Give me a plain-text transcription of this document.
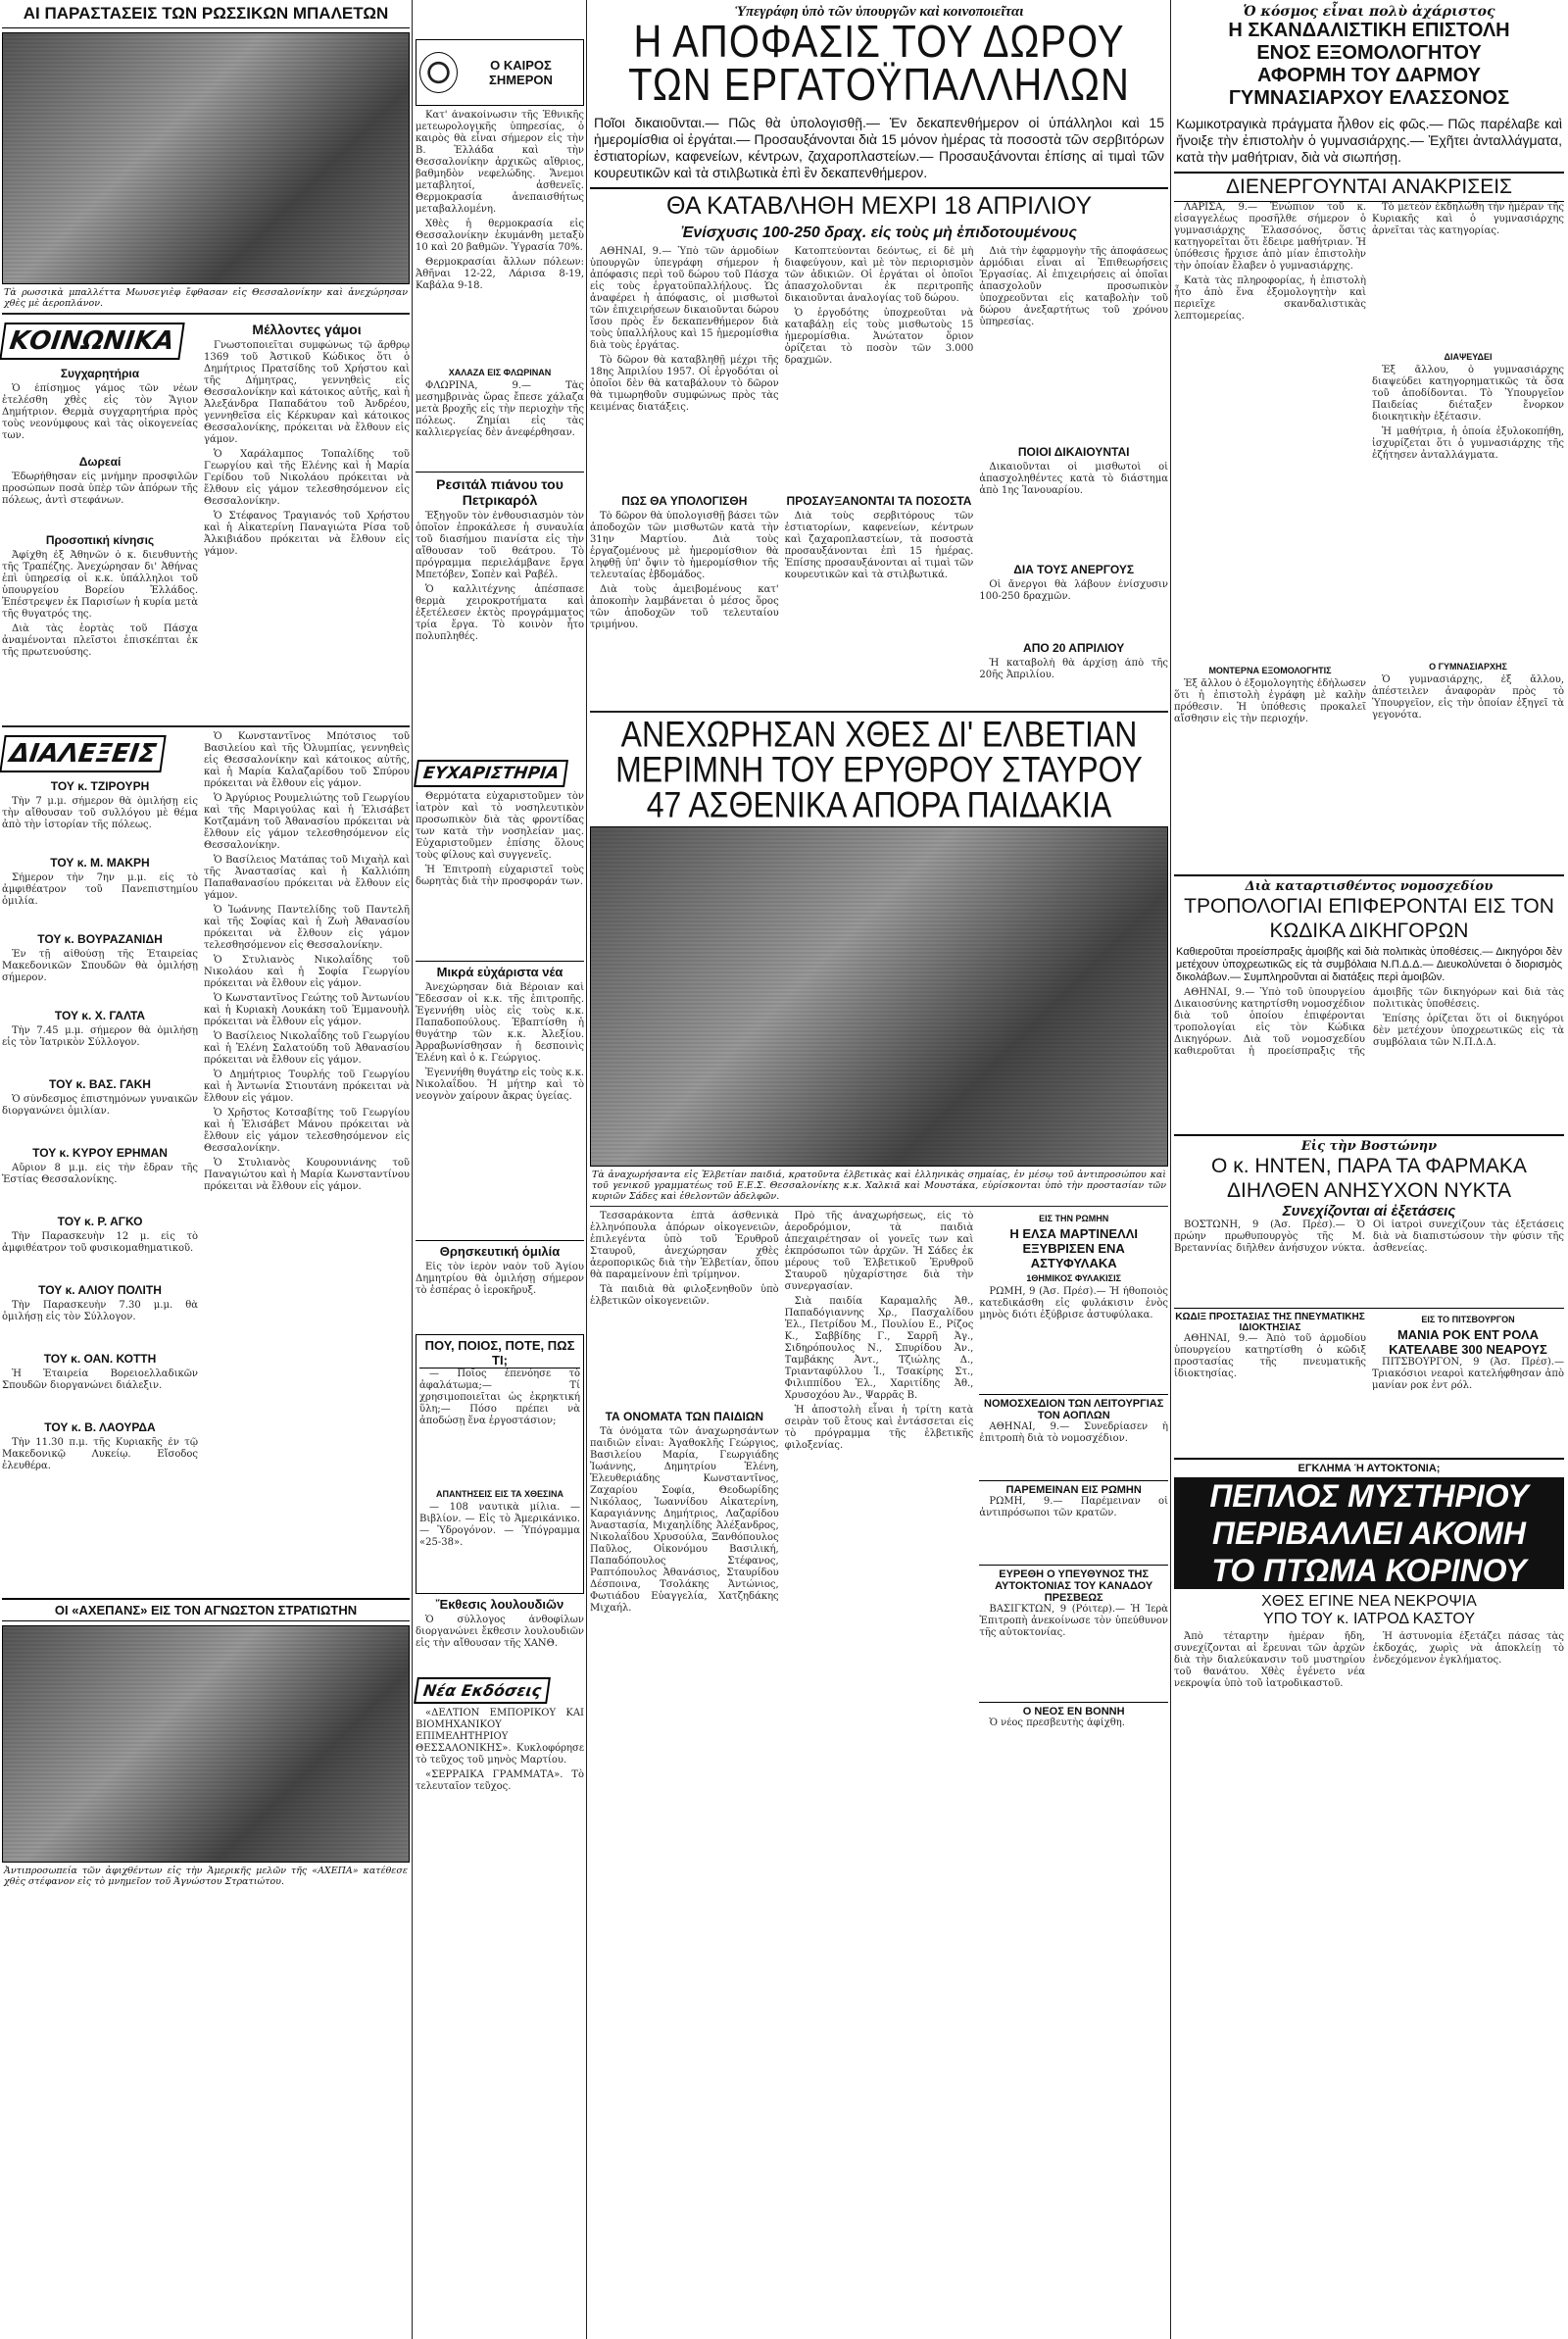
ΑΙ ΠΑΡΑΣΤΑΣΕΙΣ ΤΩΝ ΡΩΣΣΙΚΩΝ ΜΠΑΛΕΤΩΝ
Τὰ ρωσσικὰ μπαλλέττα Μωυσεγιὲφ ἔφθασαν εἰς Θεσσαλονίκην καὶ ἀνεχώρησαν χθὲς μὲ ἀεροπλάνον.
ΚΟΙΝΩΝΙΚΑ
Συγχαρητήρια

Ὁ ἐπίσημος γάμος τῶν νέων ἐτελέσθη χθὲς εἰς τὸν Ἅγιον Δημήτριον. Θερμὰ συγχαρητήρια πρὸς τοὺς νεονύμφους καὶ τὰς οἰκογενείας των.

Δωρεαί

Ἐδωρήθησαν εἰς μνήμην προσφιλῶν προσώπων ποσὰ ὑπὲρ τῶν ἀπόρων τῆς πόλεως, ἀντὶ στεφάνων.

Προσοπική κίνησις

Ἀφίχθη ἐξ Ἀθηνῶν ὁ κ. διευθυντὴς τῆς Τραπέζης. Ἀνεχώρησαν δι' Ἀθήνας ἐπὶ ὑπηρεσίᾳ οἱ κ.κ. ὑπάλληλοι τοῦ ὑπουργείου Βορείου Ἑλλάδος. Ἐπέστρεψεν ἐκ Παρισίων ἡ κυρία μετὰ τῆς θυγατρός της.

Διὰ τὰς ἑορτὰς τοῦ Πάσχα ἀναμένονται πλεῖστοι ἐπισκέπται ἐκ τῆς πρωτευούσης.

Μέλλοντες γάμοι

Γνωστοποιεῖται συμφώνως τῷ ἄρθρῳ 1369 τοῦ Ἀστικοῦ Κώδικος ὅτι ὁ Δημήτριος Πρατσίδης τοῦ Χρήστου καὶ τῆς Δήμητρας, γεννηθεὶς εἰς Θεσσαλονίκην καὶ κάτοικος αὐτῆς, καὶ ἡ Ἀλεξάνδρα Παπαδάτου τοῦ Ἀνδρέου, γεννηθεῖσα εἰς Κέρκυραν καὶ κάτοικος Θεσσαλονίκης, πρόκειται νὰ ἔλθουν εἰς γάμον.

Ὁ Χαράλαμπος Τοπαλίδης τοῦ Γεωργίου καὶ τῆς Ελένης καὶ ἡ Μαρία Γερίδου τοῦ Νικολάου πρόκειται νὰ ἔλθουν εἰς γάμον τελεσθησόμενον εἰς Θεσσαλονίκην.

Ὁ Στέφανος Τραγιανός τοῦ Χρήστου καὶ ἡ Αἰκατερίνη Παναγιώτα Ρίσα τοῦ Ἀλκιβιάδου πρόκειται νὰ ἔλθουν εἰς γάμον.

ΔΙΑΛΕΞΕΙΣ
ΤΟΥ κ. ΤΖΙΡΟΥΡΗ

Τὴν 7 μ.μ. σήμερον θὰ ὁμιλήσῃ εἰς τὴν αἴθουσαν τοῦ συλλόγου μὲ θέμα ἀπὸ τὴν ἱστορίαν τῆς πόλεως.

ΤΟΥ κ. Μ. ΜΑΚΡΗ

Σήμερον τὴν 7ην μ.μ. εἰς τὸ ἀμφιθέατρον τοῦ Πανεπιστημίου ὁμιλία.

ΤΟΥ κ. ΒΟΥΡΑΖΑΝΙΔΗ

Ἐν τῇ αἰθούσῃ τῆς Ἑταιρείας Μακεδονικῶν Σπουδῶν θὰ ὁμιλήσῃ σήμερον.

ΤΟΥ κ. Χ. ΓΑΛΤΑ

Τὴν 7.45 μ.μ. σήμερον θὰ ὁμιλήσῃ εἰς τὸν Ἰατρικὸν Σύλλογον.

ΤΟΥ κ. ΒΑΣ. ΓΑΚΗ

Ὁ σύνδεσμος ἐπιστημόνων γυναικῶν διοργανώνει ὁμιλίαν.

ΤΟΥ κ. ΚΥΡΟΥ ΕΡΗΜΑΝ

Αὔριον 8 μ.μ. εἰς τὴν ἔδραν τῆς Ἑστίας Θεσσαλονίκης.

ΤΟΥ κ. Ρ. ΑΓΚΟ

Τὴν Παρασκευὴν 12 μ. εἰς τὸ ἀμφιθέατρον τοῦ φυσικομαθηματικοῦ.

ΤΟΥ κ. ΑΛΙΟΥ ΠΟΛΙΤΗ

Τὴν Παρασκευὴν 7.30 μ.μ. θὰ ὁμιλήσῃ εἰς τὸν Σύλλογον.

ΤΟΥ κ. ΟΑΝ. ΚΟΤΤΗ

Ἡ Ἑταιρεία Βορειοελλαδικῶν Σπουδῶν διοργανώνει διάλεξιν.

ΤΟΥ κ. Β. ΛΑΟΥΡΔΑ

Τὴν 11.30 π.μ. τῆς Κυριακῆς ἐν τῷ Μακεδονικῷ Λυκείῳ. Εἴσοδος ἐλευθέρα.

Ὁ Κωνσταντῖνος Μπότσιος τοῦ Βασιλείου καὶ τῆς Ὀλυμπίας, γεννηθεὶς εἰς Θεσσαλονίκην καὶ κάτοικος αὐτῆς, καὶ ἡ Μαρία Καλαζαρίδου τοῦ Σπύρου πρόκειται νὰ ἔλθουν εἰς γάμον.

Ὁ Ἀργύριος Ρουμελιώτης τοῦ Γεωργίου καὶ τῆς Μαριγούλας καὶ ἡ Ἐλισάβετ Κοτζαμάνη τοῦ Ἀθανασίου πρόκειται νὰ ἔλθουν εἰς γάμον τελεσθησόμενον εἰς Θεσσαλονίκην.

Ὁ Βασίλειος Ματάπας τοῦ Μιχαὴλ καὶ τῆς Ἀναστασίας καὶ ἡ Καλλιόπη Παπαθανασίου πρόκειται νὰ ἔλθουν εἰς γάμον.

Ὁ Ἰωάννης Παντελίδης τοῦ Παντελῆ καὶ τῆς Σοφίας καὶ ἡ Ζωὴ Ἀθανασίου πρόκειται νὰ ἔλθουν εἰς γάμον τελεσθησόμενον εἰς Θεσσαλονίκην.

Ὁ Στυλιανὸς Νικολαΐδης τοῦ Νικολάου καὶ ἡ Σοφία Γεωργίου πρόκειται νὰ ἔλθουν εἰς γάμον.

Ὁ Κωνσταντῖνος Γεώτης τοῦ Ἀντωνίου καὶ ἡ Κυριακὴ Λουκάκη τοῦ Ἐμμανουὴλ πρόκειται νὰ ἔλθουν εἰς γάμον.

Ὁ Βασίλειος Νικολαΐδης τοῦ Γεωργίου καὶ ἡ Ἑλένη Σαλατούδη τοῦ Ἀθανασίου πρόκειται νὰ ἔλθουν εἰς γάμον.

Ὁ Δημήτριος Τουρλής τοῦ Γεωργίου καὶ ἡ Ἀντωνία Στιουτάνη πρόκειται νὰ ἔλθουν εἰς γάμον.

Ὁ Χρῆστος Κοτσαβίτης τοῦ Γεωργίου καὶ ἡ Ἐλισάβετ Μάνου πρόκειται νὰ ἔλθουν εἰς γάμον τελεσθησόμενον εἰς Θεσσαλονίκην.

Ὁ Στυλιανὸς Κουρουνιάνης τοῦ Παναγιώτου καὶ ἡ Μαρία Κωνσταντίνου πρόκειται νὰ ἔλθουν εἰς γάμον.

ΟΙ «ΑΧΕΠΑΝΣ» ΕΙΣ ΤΟΝ ΑΓΝΩΣΤΟΝ ΣΤΡΑΤΙΩΤΗΝ
Ἀντιπροσωπεία τῶν ἀφιχθέντων εἰς τὴν Ἀμερικῆς μελῶν τῆς «ΑΧΕΠΑ» κατέθεσε χθὲς στέφανον εἰς τὸ μνημεῖον τοῦ Ἀγνώστου Στρατιώτου.
Ο ΚΑΙΡΟΣ ΣΗΜΕΡΟΝ

Κατ' ἀνακοίνωσιν τῆς Ἐθνικῆς μετεωρολογικῆς ὑπηρεσίας, ὁ καιρὸς θὰ εἶναι σήμερον εἰς τὴν Β. Ἑλλάδα καὶ τὴν Θεσσαλονίκην ἀρχικῶς αἴθριος, βαθμηδὸν νεφελώδης. Ἄνεμοι μεταβλητοί, ἀσθενεῖς. Θερμοκρασία ἀνεπαισθήτως μεταβαλλομένη.

Χθὲς ἡ θερμοκρασία εἰς Θεσσαλονίκην ἐκυμάνθη μεταξὺ 10 καὶ 20 βαθμῶν. Ὑγρασία 70%.

Θερμοκρασίαι ἄλλων πόλεων: Ἀθῆναι 12-22, Λάρισα 8-19, Καβάλα 9-18.

ΧΑΛΑΖΑ ΕΙΣ ΦΛΩΡΙΝΑΝ

ΦΛΩΡΙΝΑ, 9.— Τὰς μεσημβρινὰς ὥρας ἔπεσε χάλαζα μετὰ βροχῆς εἰς τὴν περιοχὴν τῆς πόλεως. Ζημίαι εἰς τὰς καλλιεργείας δὲν ἀνεφέρθησαν.

Ρεσιτάλ πιάνου του Πετρικαρόλ

Ἐξηγοῦν τὸν ἐνθουσιασμὸν τὸν ὁποῖον ἐπροκάλεσε ἡ συναυλία τοῦ διασήμου πιανίστα εἰς τὴν αἴθουσαν τοῦ θεάτρου. Τὸ πρόγραμμα περιελάμβανε ἔργα Μπετόβεν, Σοπὲν καὶ Ραβέλ.

Ὁ καλλιτέχνης ἀπέσπασε θερμὰ χειροκροτήματα καὶ ἐξετέλεσεν ἐκτὸς προγράμματος τρία ἔργα. Τὸ κοινὸν ἦτο πολυπληθές.

ΕΥΧΑΡΙΣΤΗΡΙΑ

Θερμότατα εὐχαριστοῦμεν τὸν ἰατρὸν καὶ τὸ νοσηλευτικὸν προσωπικὸν διὰ τὰς φροντίδας των κατὰ τὴν νοσηλείαν μας. Εὐχαριστοῦμεν ἐπίσης ὅλους τοὺς φίλους καὶ συγγενεῖς.

Ἡ Ἐπιτροπὴ εὐχαριστεῖ τοὺς δωρητὰς διὰ τὴν προσφοράν των.

Μικρά εὐχάριστα νέα

Ἀνεχώρησαν διὰ Βέροιαν καὶ Ἔδεσσαν οἱ κ.κ. τῆς ἐπιτροπῆς. Ἐγεννήθη υἱὸς εἰς τοὺς κ.κ. Παπαδοπούλους. Ἐβαπτίσθη ἡ θυγάτηρ τῶν κ.κ. Ἀλεξίου. Ἀρραβωνίσθησαν ἡ δεσποινὶς Ἑλένη καὶ ὁ κ. Γεώργιος.

Ἐγεννήθη θυγάτηρ εἰς τοὺς κ.κ. Νικολαΐδου. Ἡ μήτηρ καὶ τὸ νεογνὸν χαίρουν ἄκρας ὑγείας.

Θρησκευτική ὁμιλία

Εἰς τὸν ἱερὸν ναὸν τοῦ Ἁγίου Δημητρίου θὰ ὁμιλήσῃ σήμερον τὸ ἑσπέρας ὁ ἱεροκῆρυξ.

ΠΟΥ, ΠΟΙΟΣ, ΠΟΤΕ, ΠΩΣ ΤΙ;

— Ποῖος ἐπενόησε τὸ ἀφαλάτωμα;— Τί χρησιμοποιεῖται ὡς ἐκρηκτική ὕλη;— Πόσο πρέπει νὰ ἀποδώσῃ ἕνα ἐργοστάσιον;

ΑΠΑΝΤΗΣΕΙΣ ΕΙΣ ΤΑ ΧΘΕΣΙΝΑ

— 108 ναυτικὰ μίλια. — Βιβλίον. — Εἰς τὸ Ἀμερικάνικο. — Ὑδρογόνον. — Ὑπόγραμμα «25-38».

Ἔκθεσις λουλουδιῶν

Ὁ σύλλογος ἀνθοφίλων διοργανώνει ἔκθεσιν λουλουδιῶν εἰς τὴν αἴθουσαν τῆς ΧΑΝΘ.

Νέα Εκδόσεις

«ΔΕΛΤΙΟΝ ΕΜΠΟΡΙΚΟΥ ΚΑΙ ΒΙΟΜΗΧΑΝΙΚΟΥ ΕΠΙΜΕΛΗΤΗΡΙΟΥ ΘΕΣΣΑΛΟΝΙΚΗΣ». Κυκλοφόρησε τὸ τεῦχος τοῦ μηνὸς Μαρτίου.

«ΣΕΡΡΑΙΚΑ ΓΡΑΜΜΑΤΑ». Τὸ τελευταῖον τεῦχος.

Ὑπεγράφη ὑπὸ τῶν ὑπουργῶν καὶ κοινοποιεῖται
Η ΑΠΟΦΑΣΙΣ ΤΟΥ ΔΩΡΟΥ
ΤΩΝ ΕΡΓΑΤΟΫΠΑΛΛΗΛΩΝ
Ποῖοι δικαιοῦνται.— Πῶς θὰ ὑπολογισθῇ.— Ἐν δεκαπενθήμερον οἱ ὑπάλληλοι καὶ 15 ἡμερομίσθια οἱ ἐργάται.— Προσαυξάνονται διὰ 15 μόνον ἡμέρας τὰ ποσοστὰ τῶν σερβιτόρων ἑστιατορίων, καφενείων, κέντρων, ζαχαροπλαστείων.— Προσαυξάνονται ἐπίσης αἱ τιμαὶ τῶν κουρευτικῶν καὶ τὰ στιλβωτικὰ ἐπὶ ἓν δεκαπενθήμερον.
ΘΑ ΚΑΤΑΒΛΗΘΗ ΜΕΧΡΙ 18 ΑΠΡΙΛΙΟΥ
Ἐνίσχυσις 100-250 δραχ. εἰς τοὺς μὴ ἐπιδοτουμένους

ΑΘΗΝΑΙ, 9.— Ὑπὸ τῶν ἁρμοδίων ὑπουργῶν ὑπεγράφη σήμερον ἡ ἀπόφασις περὶ τοῦ δώρου τοῦ Πάσχα εἰς τοὺς ἐργατοϋπαλλήλους. Ὡς ἀναφέρει ἡ ἀπόφασις, οἱ μισθωτοὶ τῶν ἐπιχειρήσεων δικαιοῦνται δώρου ἴσου πρὸς ἕν δεκαπενθήμερον διὰ τοὺς ὑπαλλήλους καὶ 15 ἡμερομίσθια διὰ τοὺς ἐργάτας.

Τὸ δῶρον θὰ καταβληθῇ μέχρι τῆς 18ης Ἀπριλίου 1957. Οἱ ἐργοδόται οἱ ὁποῖοι δὲν θὰ καταβάλουν τὸ δῶρον θὰ τιμωρηθοῦν συμφώνως πρὸς τὰς κειμένας διατάξεις.

ΠΩΣ ΘΑ ΥΠΟΛΟΓΙΣΘΗ

Τὸ δῶρον θὰ ὑπολογισθῇ βάσει τῶν ἀποδοχῶν τῶν μισθωτῶν κατὰ τὴν 31ην Μαρτίου. Διὰ τοὺς ἐργαζομένους μὲ ἡμερομίσθιον θὰ ληφθῇ ὑπ' ὄψιν τὸ ἡμερομίσθιον τῆς τελευταίας ἑβδομάδος.

Διὰ τοὺς ἀμειβομένους κατ' ἀποκοπὴν λαμβάνεται ὁ μέσος ὅρος τῶν ἀποδοχῶν τοῦ τελευταίου τριμήνου.

Κατοπτεύονται δεόντως, εἰ δὲ μὴ διαφεύγουν, καὶ μὲ τὸν περιορισμὸν τῶν ἀδικιῶν. Οἱ ἐργάται οἱ ὁποῖοι ἀπασχολοῦνται ἐκ περιτροπῆς δικαιοῦνται ἀναλογίας τοῦ δώρου.

Ὁ ἐργοδότης ὑποχρεοῦται νὰ καταβάλῃ εἰς τοὺς μισθωτοὺς 15 ἡμερομίσθια. Ἀνώτατον ὅριον ὁρίζεται τὸ ποσὸν τῶν 3.000 δραχμῶν.

ΠΡΟΣΑΥΞΑΝΟΝΤΑΙ ΤΑ ΠΟΣΟΣΤΑ

Διὰ τοὺς σερβιτόρους τῶν ἑστιατορίων, καφενείων, κέντρων καὶ ζαχαροπλαστείων, τὰ ποσοστὰ προσαυξάνονται ἐπὶ 15 ἡμέρας. Ἐπίσης προσαυξάνονται αἱ τιμαὶ τῶν κουρευτικῶν καὶ τὰ στιλβωτικά.

Διὰ τὴν ἐφαρμογὴν τῆς ἀποφάσεως ἁρμόδιαι εἶναι αἱ Ἐπιθεωρήσεις Ἐργασίας. Αἱ ἐπιχειρήσεις αἱ ὁποῖαι ἀπασχολοῦν προσωπικὸν ὑποχρεοῦνται εἰς καταβολὴν τοῦ δώρου ἀνεξαρτήτως τοῦ χρόνου ὑπηρεσίας.

ΠΟΙΟΙ ΔΙΚΑΙΟΥΝΤΑΙ

Δικαιοῦνται οἱ μισθωτοὶ οἱ ἀπασχοληθέντες κατὰ τὸ διάστημα ἀπὸ 1ης Ἰανουαρίου.

ΔΙΑ ΤΟΥΣ ΑΝΕΡΓΟΥΣ

Οἱ ἄνεργοι θὰ λάβουν ἐνίσχυσιν 100-250 δραχμῶν.

ΑΠΟ 20 ΑΠΡΙΛΙΟΥ

Ἡ καταβολὴ θὰ ἀρχίσῃ ἀπὸ τῆς 20ῆς Ἀπριλίου.

ΑΝΕΧΩΡΗΣΑΝ ΧΘΕΣ ΔΙ' ΕΛΒΕΤΙΑΝ
ΜΕΡΙΜΝΗ ΤΟΥ ΕΡΥΘΡΟΥ ΣΤΑΥΡΟΥ
47 ΑΣΘΕΝΙΚΑ ΑΠΟΡΑ ΠΑΙΔΑΚΙΑ
Τὰ ἀναχωρήσαντα εἰς Ἑλβετίαν παιδιά, κρατοῦντα ἑλβετικὰς καὶ ἑλληνικὰς σημαίας, ἐν μέσῳ τοῦ ἀντιπροσώπου καὶ τοῦ γενικοῦ γραμματέως τοῦ Ε.Ε.Σ. Θεσσαλονίκης κ.κ. Χαλκιᾶ καὶ Μουστάκα, εὑρίσκονται ὑπὸ τὴν προστασίαν τῶν κυριῶν Σάδες καὶ ἐθελοντῶν ἀδελφῶν.

Τεσσαράκοντα ἑπτὰ ἀσθενικὰ ἑλληνόπουλα ἀπόρων οἰκογενειῶν, ἐπιλεγέντα ὑπὸ τοῦ Ἐρυθροῦ Σταυροῦ, ἀνεχώρησαν χθὲς ἀεροπορικῶς διὰ τὴν Ἑλβετίαν, ὅπου θὰ παραμείνουν ἐπὶ τρίμηνον.

Τὰ παιδιὰ θὰ φιλοξενηθοῦν ὑπὸ ἑλβετικῶν οἰκογενειῶν.

ΤΑ ΟΝΟΜΑΤΑ ΤΩΝ ΠΑΙΔΙΩΝ

Τὰ ὀνόματα τῶν ἀναχωρησάντων παιδιῶν εἶναι: Ἀγαθοκλῆς Γεώργιος, Βασιλείου Μαρία, Γεωργιάδης Ἰωάννης, Δημητρίου Ἑλένη, Ἐλευθεριάδης Κωνσταντῖνος, Ζαχαρίου Σοφία, Θεοδωρίδης Νικόλαος, Ἰωαννίδου Αἰκατερίνη, Καραγιάννης Δημήτριος, Λαζαρίδου Ἀναστασία, Μιχαηλίδης Ἀλέξανδρος, Νικολαΐδου Χρυσούλα, Ξανθόπουλος Παῦλος, Οἰκονόμου Βασιλική, Παπαδόπουλος Στέφανος, Ραπτόπουλος Ἀθανάσιος, Σταυρίδου Δέσποινα, Τσολάκης Ἀντώνιος, Φωτιάδου Εὐαγγελία, Χατζηδάκης Μιχαήλ.

Πρὸ τῆς ἀναχωρήσεως, εἰς τὸ ἀεροδρόμιον, τὰ παιδιὰ ἀπεχαιρέτησαν οἱ γονεῖς των καὶ ἐκπρόσωποι τῶν ἀρχῶν. Ἡ Σάδες ἐκ μέρους τοῦ Ἑλβετικοῦ Ἐρυθροῦ Σταυροῦ ηὐχαρίστησε διὰ τὴν συνεργασίαν.

Σιὰ παιδία Καραμαλῆς Ἀθ., Παπαδόγιαννης Χρ., Πασχαλίδου Ἑλ., Πετρίδου Μ., Πουλίου Ε., Ρίζος Κ., Σαββίδης Γ., Σαρρῆ Ἀγ., Σιδηρόπουλος Ν., Σπυρίδου Ἀν., Ταμβάκης Ἀντ., Τζιώλης Δ., Τριανταφύλλου Ἰ., Τσακίρης Στ., Φιλιππίδου Ἑλ., Χαριτίδης Ἀθ., Χρυσοχόου Ἀν., Ψαρρᾶς Β.

Ἡ ἀποστολὴ εἶναι ἡ τρίτη κατὰ σειρὰν τοῦ ἔτους καὶ ἐντάσσεται εἰς τὸ πρόγραμμα τῆς ἑλβετικῆς φιλοξενίας.

ΕΙΣ ΤΗΝ ΡΩΜΗΝ
Η ΕΛΣΑ ΜΑΡΤΙΝΕΛΛΙ ΕΞΥΒΡΙΣΕΝ ΕΝΑ ΑΣΤΥΦΥΛΑΚΑ
1ΘΗΜΙΚΟΣ ΦΥΛΑΚΙΣΙΣ

ΡΩΜΗ, 9 (Ἀσ. Πρέσ).— Ἡ ἠθοποιὸς κατεδικάσθη εἰς φυλάκισιν ἑνὸς μηνὸς διότι ἐξύβρισε ἀστυφύλακα.

ΝΟΜΟΣΧΕΔΙΟΝ ΤΩΝ ΛΕΙΤΟΥΡΓΙΑΣ ΤΟΝ ΑΟΠΛΩΝ

ΑΘΗΝΑΙ, 9.— Συνεδρίασεν ἡ ἐπιτροπὴ διὰ τὸ νομοσχέδιον.

ΠΑΡΕΜΕΙΝΑΝ ΕΙΣ ΡΩΜΗΝ

ΡΩΜΗ, 9.— Παρέμειναν οἱ ἀντιπρόσωποι τῶν κρατῶν.

ΕΥΡΕΘΗ Ο ΥΠΕΥΘΥΝΟΣ ΤΗΣ ΑΥΤΟΚΤΟΝΙΑΣ ΤΟΥ ΚΑΝΑΔΟΥ ΠΡΕΣΒΕΩΣ

ΒΑΣΙΓΚΤΩΝ, 9 (Ρόιτερ).— Ἡ Ἱερὰ Ἐπιτροπὴ ἀνεκοίνωσε τὸν ὑπεύθυνον τῆς αὐτοκτονίας.

Ο ΝΕΟΣ ΕΝ ΒΟΝΝΗ

Ὁ νέος πρεσβευτὴς ἀφίχθη.

Ὁ κόσμος εἶναι πολὺ ἀχάριστος
Η ΣΚΑΝΔΑΛΙΣΤΙΚΗ ΕΠΙΣΤΟΛΗ
ΕΝΟΣ ΕΞΟΜΟΛΟΓΗΤΟΥ
ΑΦΟΡΜΗ ΤΟΥ ΔΑΡΜΟΥ
ΓΥΜΝΑΣΙΑΡΧΟΥ ΕΛΑΣΣΟΝΟΣ
Κωμικοτραγικὰ πράγματα ἦλθον εἰς φῶς.— Πῶς παρέλαβε καὶ ἤνοιξε τὴν ἐπιστολὴν ὁ γυμνασιάρχης.— Ἐχῆτει ἀνταλλάγματα, κατὰ τὴν μαθήτριαν, διὰ νὰ σιωπήσῃ.
ΔΙΕΝΕΡΓΟΥΝΤΑΙ ΑΝΑΚΡΙΣΕΙΣ

ΛΑΡΙΣΑ, 9.— Ἐνώπιον τοῦ κ. εἰσαγγελέως προσῆλθε σήμερον ὁ γυμνασιάρχης Ἐλασσόνος, ὅστις κατηγορεῖται ὅτι ἔδειρε μαθήτριαν. Ἡ ὑπόθεσις ἤρχισε ἀπὸ μίαν ἐπιστολὴν τὴν ὁποίαν ἔλαβεν ὁ γυμνασιάρχης.

Κατὰ τὰς πληροφορίας, ἡ ἐπιστολὴ ἦτο ἀπὸ ἕνα ἐξομολογητὴν καὶ περιεῖχε σκανδαλιστικὰς λεπτομερείας.

ΜΟΝΤΕΡΝΑ ΕΞΟΜΟΛΟΓΗΤΙΣ

Ἐξ ἄλλου ὁ ἐξομολογητὴς ἐδήλωσεν ὅτι ἡ ἐπιστολὴ ἐγράφη μὲ καλὴν πρόθεσιν. Ἡ ὑπόθεσις προκαλεῖ αἴσθησιν εἰς τὴν περιοχήν.

Τὸ μετεὸν ἐκδηλώθη τὴν ἡμέραν τῆς Κυριακῆς καὶ ὁ γυμνασιάρχης ἀρνεῖται τὰς κατηγορίας.

ΔΙΑΨΕΥΔΕΙ

Ἐξ ἄλλου, ὁ γυμνασιάρχης διαψεύδει κατηγορηματικῶς τὰ ὅσα τοῦ ἀποδίδονται. Τὸ Ὑπουργεῖον Παιδείας διέταξεν ἔνορκον διοικητικὴν ἐξέτασιν.

Ἡ μαθήτρια, ἡ ὁποία ἐξυλοκοπήθη, ἰσχυρίζεται ὅτι ὁ γυμνασιάρχης τῆς ἐζήτησεν ἀνταλλάγματα.

Ο ΓΥΜΝΑΣΙΑΡΧΗΣ

Ὁ γυμνασιάρχης, ἐξ ἄλλου, ἀπέστειλεν ἀναφορὰν πρὸς τὸ Ὑπουργεῖον, εἰς τὴν ὁποίαν ἐξηγεῖ τὰ γεγονότα.

Διὰ καταρτισθέντος νομοσχεδίου
ΤΡΟΠΟΛΟΓΙΑΙ ΕΠΙΦΕΡΟΝΤΑΙ ΕΙΣ ΤΟΝ ΚΩΔΙΚΑ ΔΙΚΗΓΟΡΩΝ
Καθιεροῦται προείσπραξις ἀμοιβῆς καὶ διὰ πολιτικὰς ὑποθέσεις.— Δικηγόροι δὲν μετέχουν ὑποχρεωτικῶς εἰς τὰ συμβόλαια Ν.Π.Δ.Δ.— Διευκολύνεται ὁ διορισμὸς δικολάβων.— Συμπληροῦνται αἱ διατάξεις περὶ ἀμοιβῶν.

ΑΘΗΝΑΙ, 9.— Ὑπὸ τοῦ ὑπουργείου Δικαιοσύνης κατηρτίσθη νομοσχέδιον διὰ τοῦ ὁποίου ἐπιφέρονται τροπολογίαι εἰς τὸν Κώδικα Δικηγόρων. Διὰ τοῦ νομοσχεδίου καθιεροῦται ἡ προείσπραξις τῆς ἀμοιβῆς τῶν δικηγόρων καὶ διὰ τὰς πολιτικὰς ὑποθέσεις.

Ἐπίσης ὁρίζεται ὅτι οἱ δικηγόροι δὲν μετέχουν ὑποχρεωτικῶς εἰς τὰ συμβόλαια τῶν Ν.Π.Δ.Δ.

Εἰς τὴν Βοστώνην
Ο κ. ΗΝΤΕΝ, ΠΑΡΑ ΤΑ ΦΑΡΜΑΚΑ ΔΙΗΛΘΕΝ ΑΝΗΣΥΧΟΝ ΝΥΚΤΑ
Συνεχίζονται αἱ ἐξετάσεις

ΒΟΣΤΩΝΗ, 9 (Ἀσ. Πρέσ).— Ὁ πρώην πρωθυπουργὸς τῆς Μ. Βρεταννίας διῆλθεν ἀνήσυχον νύκτα. Οἱ ἰατροὶ συνεχίζουν τὰς ἐξετάσεις διὰ νὰ διαπιστώσουν τὴν φύσιν τῆς ἀσθενείας.

ΚΩΔΙΞ ΠΡΟΣΤΑΣΙΑΣ ΤΗΣ ΠΝΕΥΜΑΤΙΚΗΣ ΙΔΙΟΚΤΗΣΙΑΣ

ΑΘΗΝΑΙ, 9.— Ἀπὸ τοῦ ἁρμοδίου ὑπουργείου κατηρτίσθη ὁ κῶδιξ προστασίας τῆς πνευματικῆς ἰδιοκτησίας.

ΕΙΣ ΤΟ ΠΙΤΣΒΟΥΡΓΟΝ
ΜΑΝΙΑ ΡΟΚ ΕΝΤ ΡΟΛΑ ΚΑΤΕΛΑΒΕ 300 ΝΕΑΡΟΥΣ

ΠΙΤΣΒΟΥΡΓΟΝ, 9 (Ἀσ. Πρέσ).— Τριακόσιοι νεαροὶ κατελήφθησαν ἀπὸ μανίαν ροκ ἐντ ρόλ.

ΕΓΚΛΗΜΑ Ή ΑΥΤΟΚΤΟΝΙΑ;
ΠΕΠΛΟΣ ΜΥΣΤΗΡΙΟΥ
ΠΕΡΙΒΑΛΛΕΙ ΑΚΟΜΗ
ΤΟ ΠΤΩΜΑ ΚΟΡΙΝΟΥ
ΧΘΕΣ ΕΓΙΝΕ ΝΕΑ ΝΕΚΡΟΨΙΑ
ΥΠΟ ΤΟΥ κ. ΙΑΤΡΟΔ ΚΑΣΤΟΥ

Ἀπὸ τέταρτην ἡμέραν ἤδη, συνεχίζονται αἱ ἔρευναι τῶν ἀρχῶν διὰ τὴν διαλεύκανσιν τοῦ μυστηρίου τοῦ θανάτου. Χθὲς ἐγένετο νέα νεκροψία ὑπὸ τοῦ ἰατροδικαστοῦ.

Ἡ ἀστυνομία ἐξετάζει πάσας τὰς ἐκδοχάς, χωρὶς νὰ ἀποκλείῃ τὸ ἐνδεχόμενον ἐγκλήματος.
